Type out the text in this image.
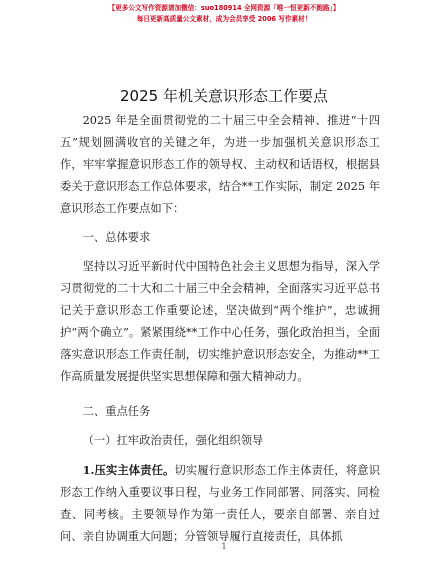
【更多公文写作资源请加微信：suo180914 全网资源「唯一恒更新不跑路」】
每日更新高质量公文素材，成为会员享受 2006 写作素材！
2025 年机关意识形态工作要点

2025 年是全面贯彻党的二十届三中全会精神、推进“十四五”规划圆满收官的关键之年，为进一步加强机关意识形态工作，牢牢掌握意识形态工作的领导权、主动权和话语权，根据县委关于意识形态工作总体要求，结合**工作实际，制定 2025 年意识形态工作要点如下：

一、总体要求

坚持以习近平新时代中国特色社会主义思想为指导，深入学习贯彻党的二十大和二十届三中全会精神，全面落实习近平总书记关于意识形态工作重要论述，坚决做到“两个维护”，忠诚拥护“两个确立”。紧紧围绕**工作中心任务，强化政治担当，全面落实意识形态工作责任制，切实维护意识形态安全，为推动**工作高质量发展提供坚实思想保障和强大精神动力。

二、重点任务

（一）扛牢政治责任，强化组织领导

1.压实主体责任。切实履行意识形态工作主体责任，将意识形态工作纳入重要议事日程，与业务工作同部署、同落实、同检查、同考核。主要领导作为第一责任人，要亲自部署、亲自过问、亲自协调重大问题；分管领导履行直接责任，具体抓

1
